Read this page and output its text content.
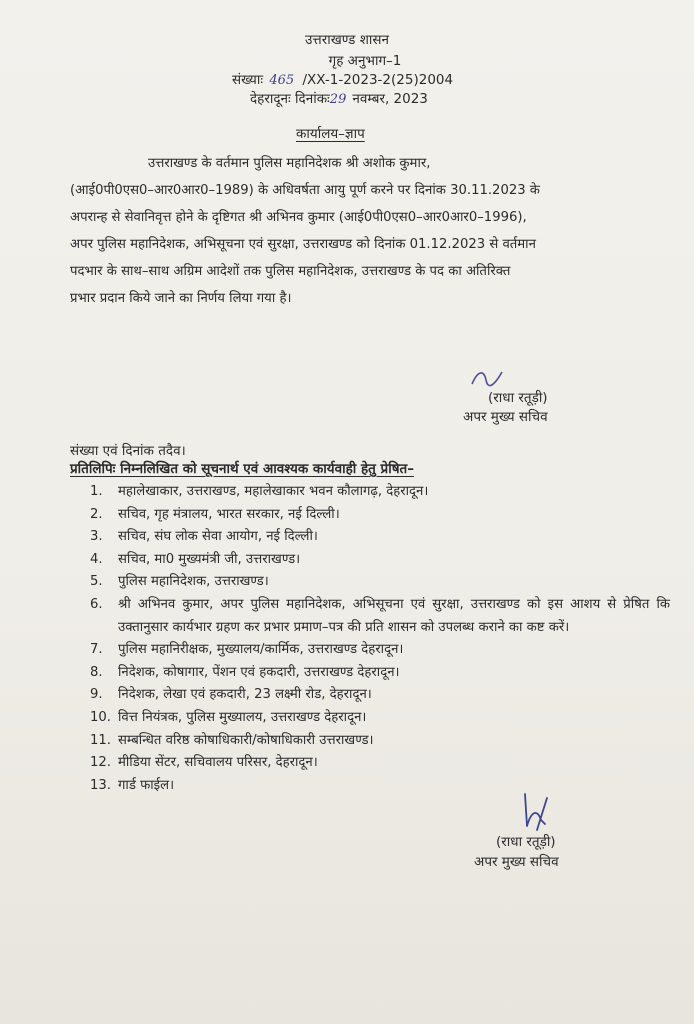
उत्तराखण्ड शासन
गृह अनुभाग–1
संख्याः 465 /XX-1-2023-2(25)2004
देहरादूनः दिनांकः29 नवम्बर, 2023
कार्यालय–ज्ञाप
उत्तराखण्ड के वर्तमान पुलिस महानिदेशक श्री अशोक कुमार,
(आई0पी0एस0–आर0आर0–1989) के अधिवर्षता आयु पूर्ण करने पर दिनांक 30.11.2023 के
अपरान्ह से सेवानिवृत्त होने के दृष्टिगत श्री अभिनव कुमार (आई0पी0एस0–आर0आर0–1996),
अपर पुलिस महानिदेशक, अभिसूचना एवं सुरक्षा, उत्तराखण्ड को दिनांक 01.12.2023 से वर्तमान
पदभार के साथ–साथ अग्रिम आदेशों तक पुलिस महानिदेशक, उत्तराखण्ड के पद का अतिरिक्त
प्रभार प्रदान किये जाने का निर्णय लिया गया है।
(राधा रतूड़ी)
अपर मुख्य सचिव
संख्या एवं दिनांक तदैव।
प्रतिलिपिः निम्नलिखित को सूचनार्थ एवं आवश्यक कार्यवाही हेतु प्रेषित–
1. महालेखाकार, उत्तराखण्ड, महालेखाकार भवन कौलागढ़, देहरादून।
2. सचिव, गृह मंत्रालय, भारत सरकार, नई दिल्ली।
3. सचिव, संघ लोक सेवा आयोग, नई दिल्ली।
4. सचिव, मा0 मुख्यमंत्री जी, उत्तराखण्ड।
5. पुलिस महानिदेशक, उत्तराखण्ड।
6. श्री अभिनव कुमार, अपर पुलिस महानिदेशक, अभिसूचना एवं सुरक्षा, उत्तराखण्ड को इस आशय से प्रेषित कि उक्तानुसार कार्यभार ग्रहण कर प्रभार प्रमाण–पत्र की प्रति शासन को उपलब्ध कराने का कष्ट करें।
7. पुलिस महानिरीक्षक, मुख्यालय/कार्मिक, उत्तराखण्ड देहरादून।
8. निदेशक, कोषागार, पेंशन एवं हकदारी, उत्तराखण्ड देहरादून।
9. निदेशक, लेखा एवं हकदारी, 23 लक्ष्मी रोड, देहरादून।
10. वित्त नियंत्रक, पुलिस मुख्यालय, उत्तराखण्ड देहरादून।
11. सम्बन्धित वरिष्ठ कोषाधिकारी/कोषाधिकारी उत्तराखण्ड।
12. मीडिया सेंटर, सचिवालय परिसर, देहरादून।
13. गार्ड फाईल।
(राधा रतूड़ी)
अपर मुख्य सचिव
